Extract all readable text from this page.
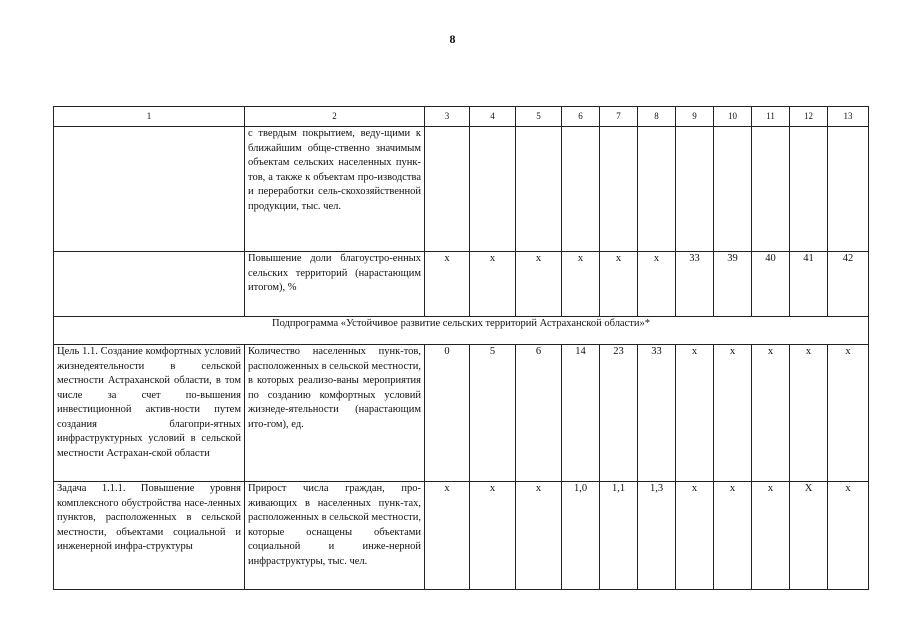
8
1	2	3	4	5	6	7	8	9	10	11	12	13
	с твердым покрытием, веду-щими к ближайшим обще-ственно значимым объектам сельских населенных пунк-тов, а также к объектам про-изводства и переработки сель-скохозяйственной продукции, тыс. чел.											
	Повышение доли благоустро-енных сельских территорий (нарастающим итогом), %	х	х	х	х	х	х	33	39	40	41	42
Подпрограмма «Устойчивое развитие сельских территорий Астраханской области»*												
Цель 1.1. Создание комфортных условий жизнедеятельности в сельской местности Астраханской области, в том числе за счет по-вышения инвестиционной актив-ности путем создания благопри-ятных инфраструктурных условий в сельской местности Астрахан-ской области	Количество населенных пунк-тов, расположенных в сельской местности, в которых реализо-ваны мероприятия по созданию комфортных условий жизнеде-ятельности (нарастающим ито-гом), ед.	0	5	6	14	23	33	х	х	х	х	х
Задача 1.1.1. Повышение уровня комплексного обустройства насе-ленных пунктов, расположенных в сельской местности, объектами социальной и инженерной инфра-структуры	Прирост числа граждан, про-живающих в населенных пунк-тах, расположенных в сельской местности, которые оснащены объектами социальной и инже-нерной инфраструктуры, тыс. чел.	х	х	х	1,0	1,1	1,3	х	х	х	Х	х
